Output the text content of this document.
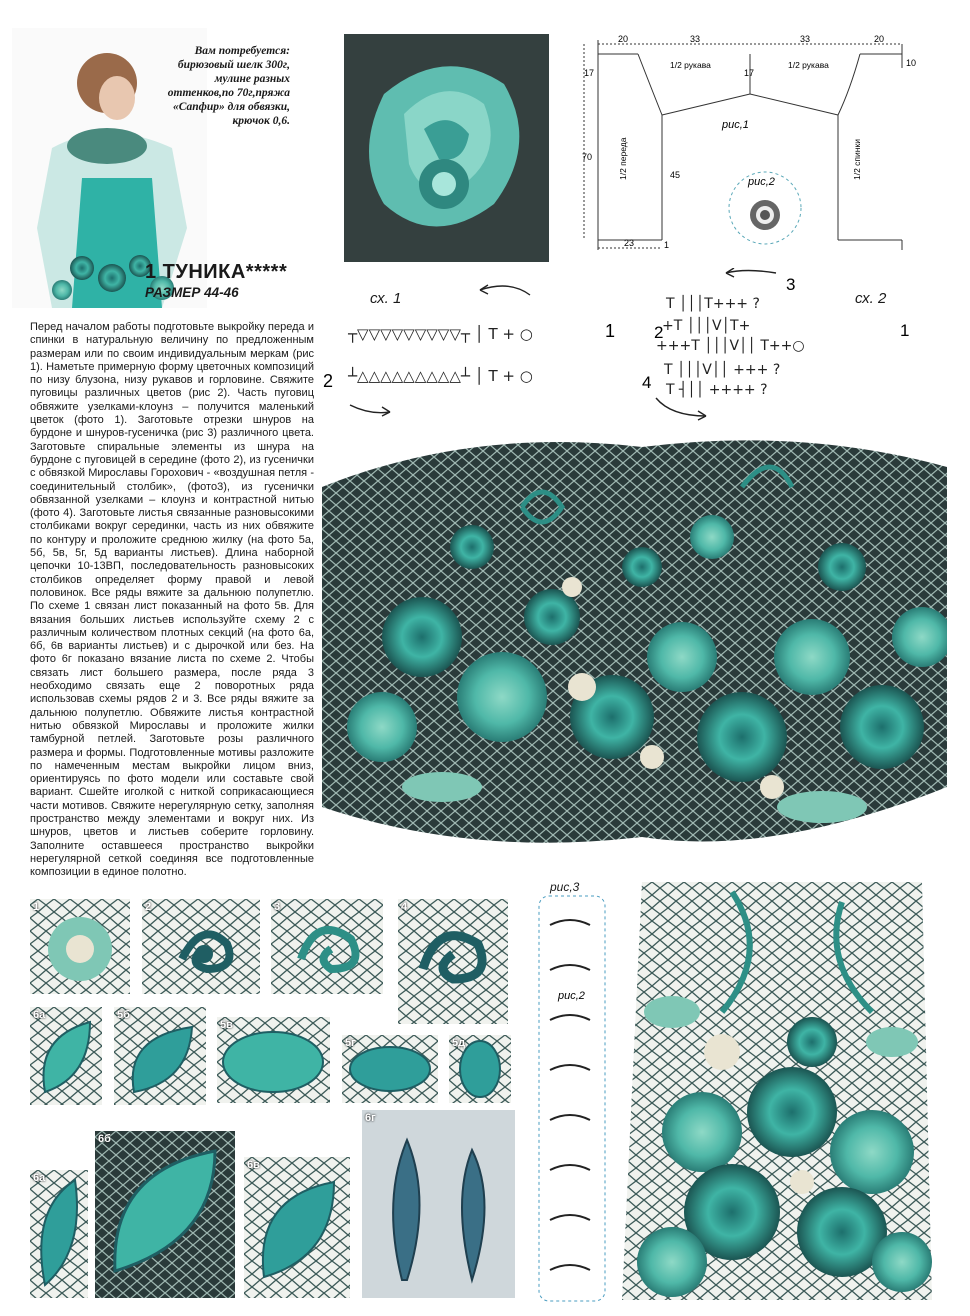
Вам потребуется: бирюзовый шелк 300г, мулине разных оттенков,по 70г,пряжа «Сапфир» для обвязки, крючок 0,6.
1 ТУНИКА*****
РАЗМЕР 44-46
Перед началом работы подготовьте выкройку переда и спинки в натуральную величину по предложенным размерам или по своим индивидуальным меркам (рис 1). Наметьте примерную форму цветочных композиций по низу блузона, низу рукавов и горловине. Свяжите пуговицы различных цветов (рис 2). Часть пуговиц обвяжите узелками-клоунз – получится маленький цветок (фото 1). Заготовьте отрезки шнуров на бурдоне и шнуров-гусеничка (рис 3) различного цвета. Заготовьте спиральные элементы из шнура на бурдоне с пуговицей в середине (фото 2), из гусенички с обвязкой Мирославы Горохович - «воздушная петля - соединительный столбик», (фото3), из гусенички обвязанной узелками – клоунз и контрастной нитью (фото 4). Заготовьте листья связанные разновысокими столбиками вокруг серединки, часть из них обвяжите по контуру и проложите среднюю жилку (на фото 5а, 5б, 5в, 5г, 5д варианты листьев). Длина наборной цепочки 10-13ВП, последовательность разновысоких столбиков определяет форму правой и левой половинок. Все ряды вяжите за дальнюю полупетлю. По схеме 1 связан лист показанный на фото 5в. Для вязания больших листьев используйте схему 2 с различным количеством плотных секций (на фото 6а, 6б, 6в варианты листьев) и с дырочкой или без. На фото 6г показано вязание листа по схеме 2. Чтобы связать лист большего размера, после ряда 3 необходимо связать еще 2 поворотных ряда использовав схемы рядов 2 и 3. Все ряды вяжите за дальнюю полупетлю. Обвяжите листья контрастной нитью обвязкой Мирославы и проложите жилки тамбурной петлей. Заготовьте розы различного размера и формы. Подготовленные мотивы разложите по намеченным местам выкройки лицом вниз, ориентируясь по фото модели или составьте свой вариант. Сшейте иголкой с ниткой соприкасающиеся части мотивов. Свяжите нерегулярную сетку, заполняя пространство между элементами и вокруг них. Из шнуров, цветов и листьев соберите горловину. Заполните оставшееся пространство выкройки нерегулярной сеткой соединяя все подготовленные композиции в единое полотно.
20	33	33	20
17	17
10
70
45
23	1
1/2 рукава	1/2 рукава
1/2 переда	1/2 спинки
рис,1
рис,2
сх. 1
┬▽▽▽▽▽▽▽▽▽┬ │ T + ○
┴△△△△△△△△△┴ │ T + ○
1
2
сх. 2
T │││T+++ ?
+T │││V│T+
+++T │││V││ T++○
T │││V││ +++ ?
T ┤││ ++++ ?
3
1
2
4
1	2	3	4
6а	5б
5в
5г	5д
6а
6б
6в
6г
рис,3
рис,2
